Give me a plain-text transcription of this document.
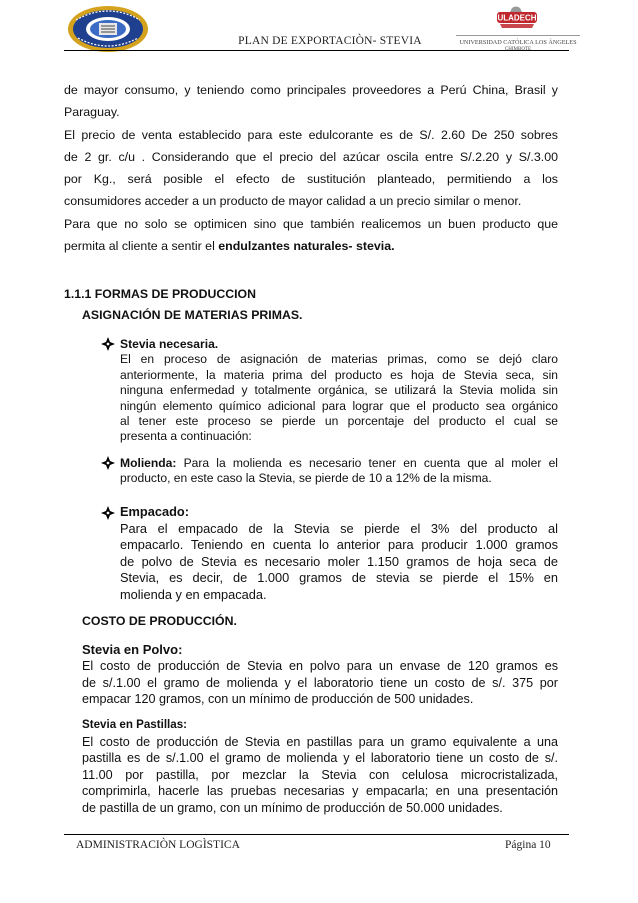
PLAN DE EXPORTACIÒN- STEVIA
ULADECH
UNIVERSIDAD CATÓLICA LOS ÁNGELES
CHIMBOTE
de mayor consumo, y teniendo como principales proveedores a Perú China, Brasil y
Paraguay.
El precio de venta establecido para este edulcorante es de S/. 2.60 De 250 sobres
de 2 gr. c/u . Considerando que el precio del azúcar oscila entre S/.2.20 y S/.3.00
por Kg., será posible el efecto de sustitución planteado, permitiendo a los
consumidores acceder a un producto de mayor calidad a un precio similar o menor.
Para que no solo se optimicen sino que también realicemos un buen producto que
permita al cliente a sentir el endulzantes naturales- stevia.
1.1.1 FORMAS DE PRODUCCION
ASIGNACIÓN DE MATERIAS PRIMAS.
Stevia necesaria.
El en proceso de asignación de materias primas, como se dejó claro
anteriormente, la materia prima del producto es hoja de Stevia seca, sin
ninguna enfermedad y totalmente orgánica, se utilizará la Stevia molida sin
ningún elemento químico adicional para lograr que el producto sea orgánico
al tener este proceso se pierde un porcentaje del producto el cual se
presenta a continuación:
Molienda: Para la molienda es necesario tener en cuenta que al moler el
producto, en este caso la Stevia, se pierde de 10 a 12% de la misma.
Empacado:
Para el empacado de la Stevia se pierde el 3% del producto al
empacarlo. Teniendo en cuenta lo anterior para producir 1.000 gramos
de polvo de Stevia es necesario moler 1.150 gramos de hoja seca de
Stevia, es decir, de 1.000 gramos de stevia se pierde el 15% en
molienda y en empacada.
COSTO DE PRODUCCIÓN.
Stevia en Polvo:
El costo de producción de Stevia en polvo para un envase de 120 gramos es
de s/.1.00 el gramo de molienda y el laboratorio tiene un costo de s/. 375 por
empacar 120 gramos, con un mínimo de producción de 500 unidades.
Stevia en Pastillas:
El costo de producción de Stevia en pastillas para un gramo equivalente a una
pastilla es de s/.1.00 el gramo de molienda y el laboratorio tiene un costo de s/.
11.00 por pastilla, por mezclar la Stevia con celulosa microcristalizada,
comprimirla, hacerle las pruebas necesarias y empacarla; en una presentación
de pastilla de un gramo, con un mínimo de producción de 50.000 unidades.
ADMINISTRACIÒN LOGÌSTICA	Página 10
